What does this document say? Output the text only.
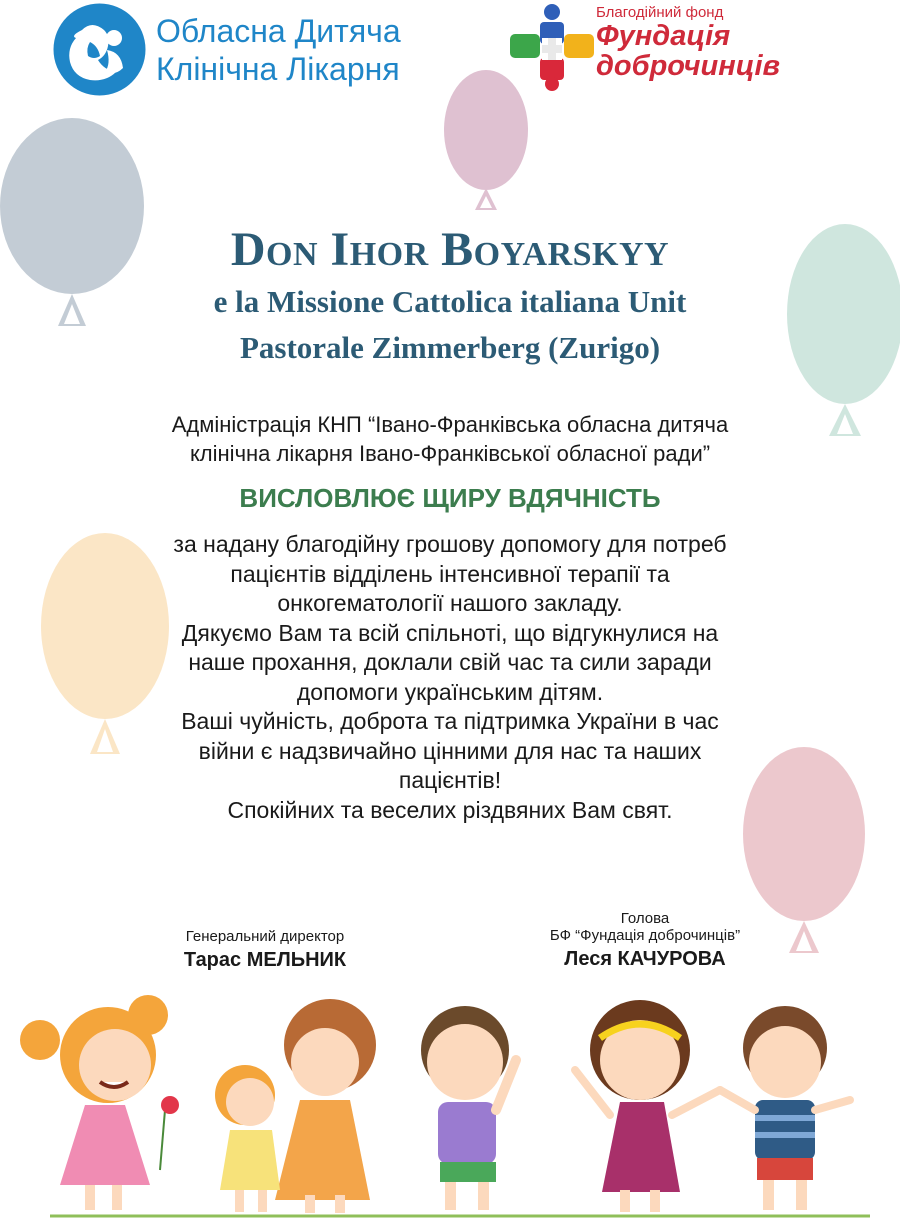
Обласна Дитяча
Клінічна Лікарня
Благодійний фонд
Фундація
доброчинців
Don Ihor Boyarskyy
e la Missione Cattolica italiana Unit
Pastorale Zimmerberg (Zurigo)
Адміністрація КНП “Івано-Франківська обласна дитяча
клінічна лікарня Івано-Франківської обласної ради”
ВИСЛОВЛЮЄ ЩИРУ ВДЯЧНІСТЬ
за надану благодійну грошову допомогу для потреб
пацієнтів відділень інтенсивної терапії та
онкогематології нашого закладу.
Дякуємо Вам та всій спільноті, що відгукнулися на
наше прохання, доклали свій час та сили заради
допомоги українським дітям.
Ваші чуйність, доброта та підтримка України в час
війни є надзвичайно цінними для нас та наших
пацієнтів!
Спокійних та веселих різдвяних Вам свят.
Генеральний директор
Тарас МЕЛЬНИК
Голова
БФ “Фундація доброчинців”
Леся КАЧУРОВА
